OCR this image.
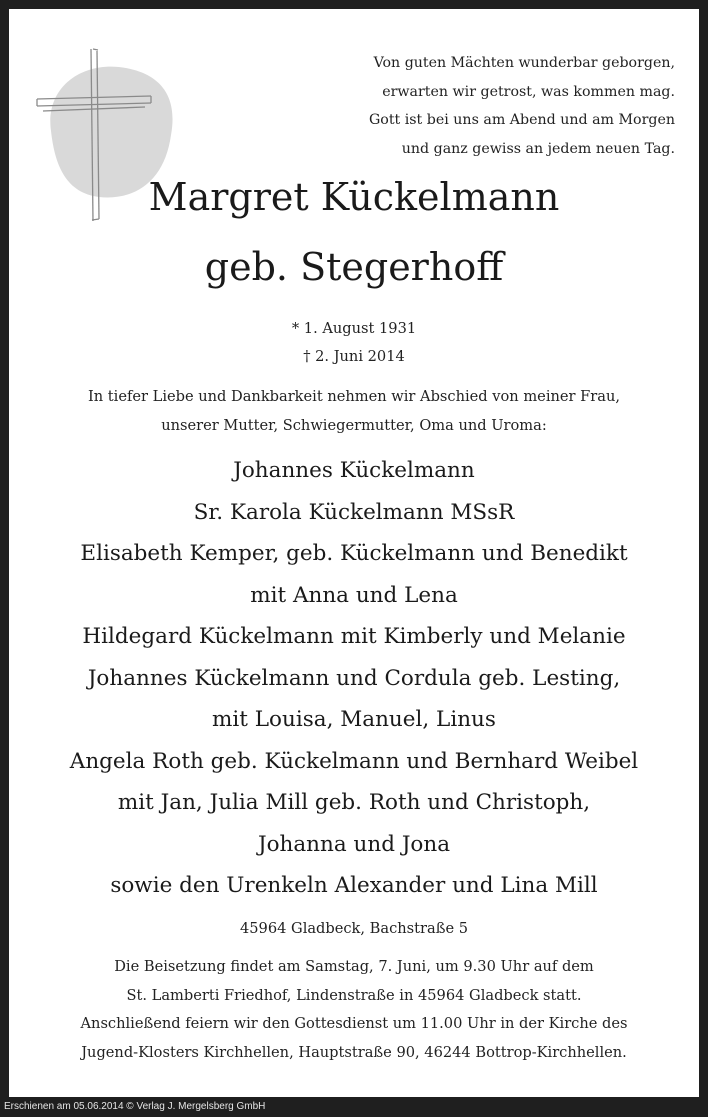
Von guten Mächten wunderbar geborgen,
erwarten wir getrost, was kommen mag.
Gott ist bei uns am Abend und am Morgen
und ganz gewiss an jedem neuen Tag.
Margret Kückelmann
geb. Stegerhoff
* 1. August 1931
† 2. Juni 2014
In tiefer Liebe und Dankbarkeit nehmen wir Abschied von meiner Frau,
unserer Mutter, Schwiegermutter, Oma und Uroma:
Johannes Kückelmann
Sr. Karola Kückelmann MSsR
Elisabeth Kemper, geb. Kückelmann und Benedikt
mit Anna und Lena
Hildegard Kückelmann mit Kimberly und Melanie
Johannes Kückelmann und Cordula geb. Lesting,
mit Louisa, Manuel, Linus
Angela Roth geb. Kückelmann und Bernhard Weibel
mit Jan, Julia Mill geb. Roth und Christoph,
Johanna und Jona
sowie den Urenkeln Alexander und Lina Mill
45964 Gladbeck, Bachstraße 5
Die Beisetzung findet am Samstag, 7. Juni, um 9.30 Uhr auf dem
St. Lamberti Friedhof, Lindenstraße in 45964 Gladbeck statt.
Anschließend feiern wir den Gottesdienst um 11.00 Uhr in der Kirche des
Jugend-Klosters Kirchhellen, Hauptstraße 90, 46244 Bottrop-Kirchhellen.
Erschienen am 05.06.2014 © Verlag J. Mergelsberg GmbH
